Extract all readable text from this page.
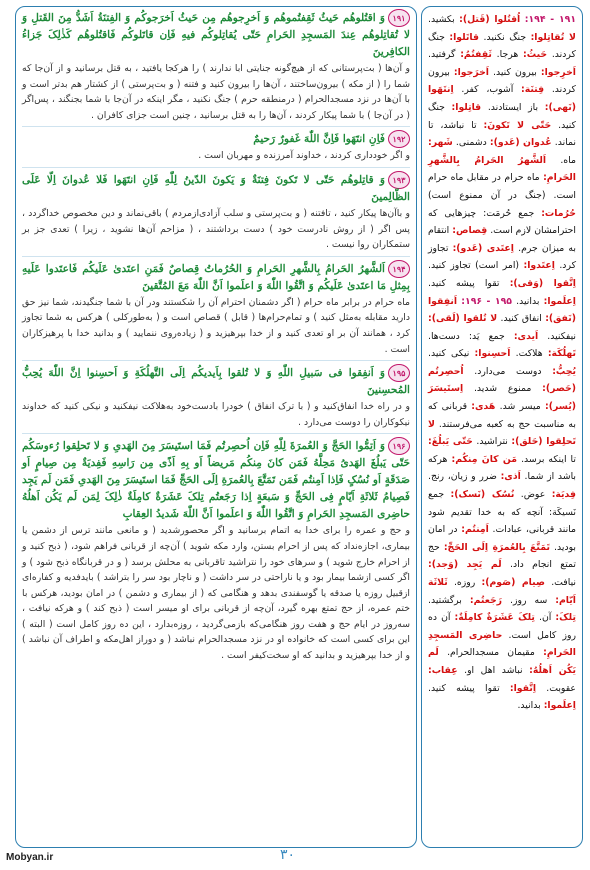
۱۹۱وَ اقتُلوهُم حَیثُ ثَقِفتُموهُم وَ اَخرِجوهُم مِن حَیثُ اَخرَجوکُم وَ الفِتنَةُ اَشَدُّ مِنَ القَتلِ وَ لا تُقاتِلوهُم عِندَ المَسجِدِ الحَرامِ حَتّی یُقاتِلوکُم فیهِ فَاِن قاتَلوکُم فَاقتُلوهُم کَذٰلِکَ جَزاءُ الکافِرینَ

و آن‌ها ( بت‌پرستانی که از هیچ‌گونه جنایتی ابا ندارند ) را هرکجا یافتید ، به قتل برسانید و از آن‌جا که شما را ( از مکه ) بیرون‌ساختند ، آن‌ها را بیرون کنید و فتنه ( و بت‌پرستی ) از کشتار هم بدتر است و با آن‌ها در نزد مسجدالحرام ( درمنطقه حرم ) جنگ نکنید ، مگر اینکه در آن‌جا با شما بجنگند ، پس‌اگر ( در آن‌جا ) با شما پیکار کردند ، آن‌ها را به قتل برسانید ، چنین است جزای کافران .

۱۹۲فَاِنِ انتَهَوا فَاِنَّ اللّٰهَ غَفورٌ رَحیمٌ

و اگر خودداری کردند ، خداوند آمرزنده و مهربان است .

۱۹۳وَ قاتِلوهُم حَتّی لا تَکونَ فِتنَةٌ وَ یَکونَ الدّینُ لِلّٰهِ فَاِنِ انتَهَوا فَلا عُدوانَ اِلّا عَلَی الظّالِمینَ

و باآن‌ها پیکار کنید ، تافتنه ( و بت‌پرستی و سلب آزادی‌ازمردم ) باقی‌نماند و دین مخصوص خداگردد ، پس اگر ( از روش نادرست خود ) دست برداشتند ، ( مزاحم آن‌ها نشوید ، زیرا ) تعدی جز بر ستمکاران روا نیست .

۱۹۴اَلشَّهرُ الحَرامُ بِالشَّهرِ الحَرامِ وَ الحُرُماتُ قِصاصٌ فَمَنِ اعتَدیٰ عَلَیکُم فَاعتَدوا عَلَیهِ بِمِثلِ مَا اعتَدیٰ عَلَیکُم وَ اتَّقُوا اللّٰهَ وَ اعلَموا اَنَّ اللّٰهَ مَعَ المُتَّقینَ

ماه حرام در برابر ماه حرام ( اگر دشمنان احترام آن را شکستند ودر آن با شما جنگیدند، شما نیز حق دارید مقابله به‌مثل کنید ) و تمام‌حرام‌ها ( قابل ) قصاص است و ( به‌طورکلی ) هرکس به شما تجاوز کرد ، همانند آن بر او تعدی کنید و از خدا بپرهیزید و ( زیاده‌روی ننمایید ) و بدانید خدا با پرهیزکاران است .

۱۹۵وَ اَنفِقوا فی سَبیلِ اللّٰهِ وَ لا تُلقوا بِاَیدیکُم اِلَی التَّهلُکَةِ وَ اَحسِنوا اِنَّ اللّٰهَ یُحِبُّ المُحسِنینَ

و در راه خدا انفاق‌کنید و ( با ترک انفاق ) خودرا بادست‌خود به‌هلاکت نیفکنید و نیکی کنید که خداوند نیکوکاران را دوست می‌دارد .

۱۹۶وَ اَتِمُّوا الحَجَّ وَ العُمرَةَ لِلّٰهِ فَاِن اُحصِرتُم فَمَا استَیسَرَ مِنَ الهَدیِ وَ لا تَحلِقوا رُءوسَکُم حَتّی یَبلُغَ الهَدیُ مَحِلَّهُ فَمَن کانَ مِنکُم مَریضاً اَو بِهِ اَذًی مِن رَاسِهِ فَفِدیَةٌ مِن صِیامٍ اَو صَدَقَةٍ اَو نُسُکٍ فَاِذا اَمِنتُم فَمَن تَمَتَّعَ بِالعُمرَةِ اِلَی الحَجِّ فَمَا استَیسَرَ مِنَ الهَدیِ فَمَن لَم یَجِد فَصِیامُ ثَلاثَةِ اَیّامٍ فِی الحَجِّ وَ سَبعَةٍ اِذا رَجَعتُم تِلکَ عَشَرَةٌ کامِلَةٌ ذٰلِکَ لِمَن لَم یَکُن اَهلُهُ حاضِری المَسجِدِ الحَرامِ وَ اتَّقُوا اللّٰهَ وَ اعلَموا اَنَّ اللّٰهَ شَدیدُ العِقابِ

و حج و عمره را برای خدا به اتمام برسانید و اگر محصورشدید ( و مانعی مانند ترس از دشمن یا بیماری، اجازه‌نداد که پس از احرام بستن، وارد مکه شوید ) آن‌چه از قربانی فراهم شود، ( ذبح کنید و از احرام خارج شوید ) و سرهای خود را نتراشید تاقربانی به محلش برسد ( و در قربانگاه ذبح شود ) و اگر کسی ازشما بیمار بود و یا ناراحتی در سر داشت ( و ناچار بود سر را بتراشد ) بایدفدیه و کفاره‌ای ازقبیل روزه یا صدقه یا گوسفندی بدهد و هنگامی که ( از بیماری و دشمن ) در امان بودید، هرکس با ختم عمره، از حج تمتع بهره گیرد، آن‌چه از قربانی برای او میسر است ( ذبح کند ) و هرکه نیافت ، سه‌روز در ایام حج و هفت روز هنگامی‌که بازمی‌گردید ، روزه‌بدارد ، این ده روز کامل است ( البته ) این برای کسی است که خانواده او در نزد مسجدالحرام نباشد ( و دوراز اهل‌مکه و اطراف آن نباشد ) و از خدا بپرهیزید و بدانید که او سخت‌کیفر است .

۱۹۱ - ۱۹۴: اُقتُلوا (قَتل): بکشید. لا تُقاتِلوا: جنگ نکنید. قاتَلوا: جنگ کردند. حَیثُ: هرجا. ثَقِفتُمُ: گرفتید. اَخرِجوا: بیرون کنید. اَخرَجوا: بیرون کردند. فِتنَة: آشوب، کفر. اِنتَهَوا (نَهی): باز ایستادند. قاتِلوا: جنگ کنید. حَتّی لا تَکونَ: تا نباشد، تا نماند. عُدوان (عَدو): دشمنی. شَهر: ماه. اَلشَّهرُ الحَرامُ بِالشَّهرِ الحَرامِ: ماه حرام در مقابل ماه حرام است. (جنگ در آن ممنوع است) حُرُمات: جمع حُرمَت: چیزهایی که احترامشان لازم است. قِصاص: انتقام به میزان جرم. اِعتَدی (عَدو): تجاوز کرد. اِعتَدوا: (امر است) تجاوز کنید. اِتَّقوا (وَقی): تقوا پیشه کنید. اِعلَموا: بدانید. ۱۹۵ - ۱۹۶: اَنفِقوا (نَفق): انفاق کنید. لا تُلقوا (لَقی): نیفکنید. اَیدی: جمع یَد: دست‌ها. تَهلُکَة: هلاکت. اَحسِنوا: نیکی کنید. یُحِبُّ: دوست می‌دارد. اُحصِرتُم (حَصر): ممنوع شدید. اِستَیسَرَ (یُسر): میسر شد. هَدی: قربانی که به مناسبت حج به کعبه می‌فرستند. لا تَحلِقوا (حَلق): نتراشید. حَتّی یَبلُغَ: تا اینکه برسد. مَن کانَ مِنکُم: هرکه باشد از شما. اَذی: ضرر و زیان، رنج. فِدیَة: عوض. نُسُک (نَسک): جمع نَسیکَة: آنچه که به خدا تقدیم شود مانند قربانی، عبادات. اَمِنتُم: در امان بودید. تَمَتَّعَ بِالعُمرَةِ اِلَی الحَجِّ: حج تمتع انجام داد. لَم یَجِد (وَجد): نیافت. صِیام (صَوم): روزه. ثَلاثَة اَیّام: سه روز. رَجَعتُم: برگشتید. تِلکَ: آن. تِلکَ عَشَرَةٌ کامِلَةٌ: آن ده روز کامل است. حاضِری المَسجِدِ الحَرامِ: مقیمان مسجدالحرام. لَم یَکُن اَهلُهُ: نباشد اهل او. عِقاب: عقوبت. اِتَّقوا: تقوا پیشه کنید. اِعلَموا: بدانید.
Mobyan.ir	۳۰
